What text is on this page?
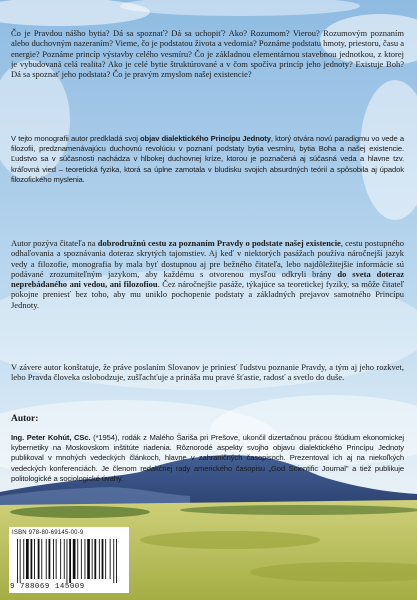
Čo je Pravdou nášho bytia? Dá sa spoznať? Dá sa uchopiť? Ako? Rozumom? Vierou? Rozumovým poznaním alebo duchovným nazeraním? Vieme, čo je podstatou života a vedomia? Poznáme podstatu hmoty, priestoru, času a energie? Poznáme princíp výstavby celého vesmíru? Čo je základnou elementárnou stavebnou jednotkou, z ktorej je vybudovaná celá realita? Ako je celé bytie štruktúrované a v čom spočíva princíp jeho jednoty? Existuje Boh? Dá sa spoznať jeho podstata? Čo je pravým zmyslom našej existencie?

V tejto monografii autor predkladá svoj objav dialektického Princípu Jednoty, ktorý otvára novú paradigmu vo vede a filozofii, predznamenávajúcu duchovnú revolúciu v poznaní podstaty bytia vesmíru, bytia Boha a našej existencie. Ľudstvo sa v súčasnosti nachádza v hlbokej duchovnej kríze, ktorou je poznačená aj súčasná veda a hlavne tzv. kráľovná vied – teoretická fyzika, ktorá sa úplne zamotala v bludisku svojich absurdných teórií a spôsobila aj úpadok filozofického myslenia.

Autor pozýva čitateľa na dobrodružnú cestu za poznaním Pravdy o podstate našej existencie, cestu postupného odhaľovania a spoznávania doteraz skrytých tajomstiev. Aj keď v niektorých pasážach používa náročnejší jazyk vedy a filozofie, monografia by mala byť dostupnou aj pre bežného čitateľa, lebo najdôležitejšie informácie sú podávané zrozumiteľným jazykom, aby každému s otvorenou mysľou odkryli brány do sveta doteraz neprebádaného ani vedou, ani filozofiou. Čez náročnejšie pasáže, týkajúce sa teoretickej fyziky, sa môže čitateľ pokojne preniesť bez toho, aby mu uniklo pochopenie podstaty a základných prejavov samotného Princípu Jednoty.

V závere autor konštatuje, že práve poslaním Slovanov je priniesť ľudstvu poznanie Pravdy, a tým aj jeho rozkvet, lebo Pravda človeka oslobodzuje, zušľachťuje a prináša mu pravé šťastie, radosť a svetlo do duše.

Autor:

Ing. Peter Kohút, CSc. (*1954), rodák z Malého Šariša pri Prešove, ukončil dizertačnou prácou štúdium ekonomickej kybernetiky na Moskovskom inštitúte riadenia. Rôznorodé aspekty svojho objavu dialektického Princípu Jednoty publikoval v mnohých vedeckých článkoch, hlavne v zahraničných časopisoch. Prezentoval ich aj na niekoľkých vedeckých konferenciách. Je členom redakčnej rady amerického časopisu „God Scientific Journal" a tiež publikuje politologické a sociologické úvahy.

ISBN 978-80-69145-00-9
9 788069 145009
